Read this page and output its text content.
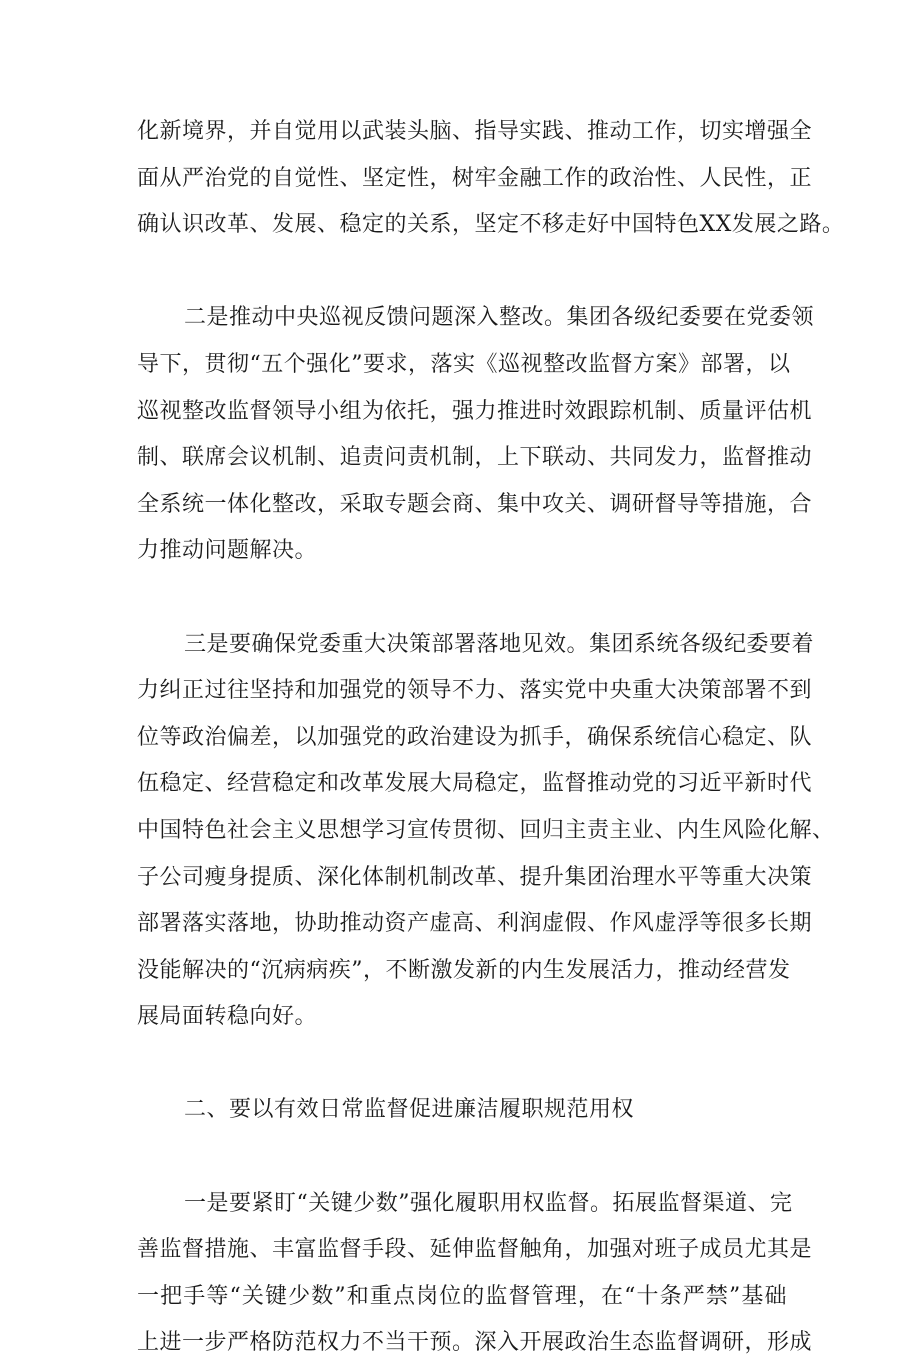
化新境界，并自觉用以武装头脑、指导实践、推动工作，切实增强全
面从严治党的自觉性、坚定性，树牢金融工作的政治性、人民性，正
确认识改革、发展、稳定的关系，坚定不移走好中国特色XX发展之路。
二是推动中央巡视反馈问题深入整改。集团各级纪委要在党委领
导下，贯彻“五个强化”要求，落实《巡视整改监督方案》部署，以
巡视整改监督领导小组为依托，强力推进时效跟踪机制、质量评估机
制、联席会议机制、追责问责机制，上下联动、共同发力，监督推动
全系统一体化整改，采取专题会商、集中攻关、调研督导等措施，合
力推动问题解决。
三是要确保党委重大决策部署落地见效。集团系统各级纪委要着
力纠正过往坚持和加强党的领导不力、落实党中央重大决策部署不到
位等政治偏差，以加强党的政治建设为抓手，确保系统信心稳定、队
伍稳定、经营稳定和改革发展大局稳定，监督推动党的习近平新时代
中国特色社会主义思想学习宣传贯彻、回归主责主业、内生风险化解、
子公司瘦身提质、深化体制机制改革、提升集团治理水平等重大决策
部署落实落地，协助推动资产虚高、利润虚假、作风虚浮等很多长期
没能解决的“沉病病疾”，不断激发新的内生发展活力，推动经营发
展局面转稳向好。
二、要以有效日常监督促进廉洁履职规范用权
一是要紧盯“关键少数”强化履职用权监督。拓展监督渠道、完
善监督措施、丰富监督手段、延伸监督触角，加强对班子成员尤其是
一把手等“关键少数”和重点岗位的监督管理，在“十条严禁”基础
上进一步严格防范权力不当干预。深入开展政治生态监督调研，形成
